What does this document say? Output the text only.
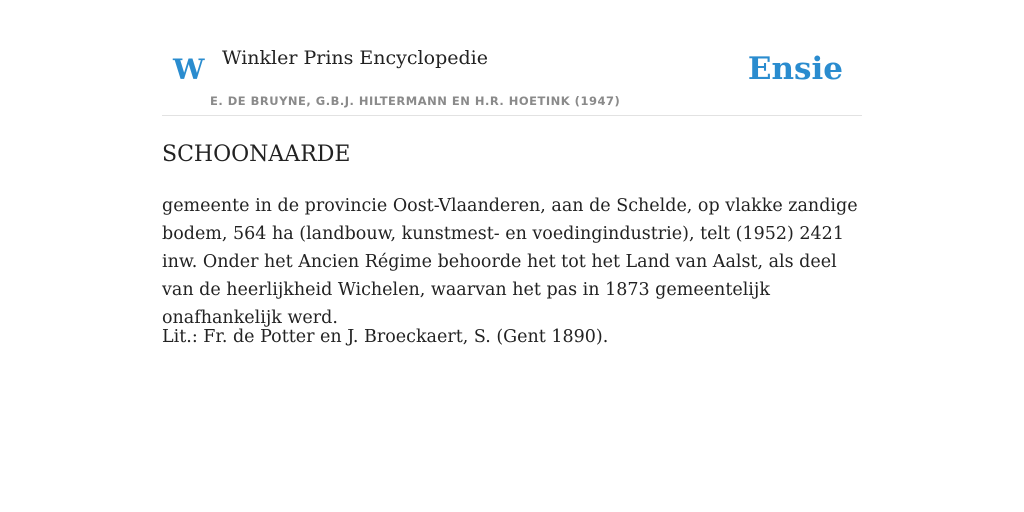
W Winkler Prins Encyclopedie
E. DE BRUYNE, G.B.J. HILTERMANN EN H.R. HOETINK (1947)
Ensie
SCHOONAARDE

gemeente in de provincie Oost-Vlaanderen, aan de Schelde, op vlakke zandige bodem, 564 ha (landbouw, kunstmest- en voedingindustrie), telt (1952) 2421 inw. Onder het Ancien Régime behoorde het tot het Land van Aalst, als deel van de heerlijkheid Wichelen, waarvan het pas in 1873 gemeentelijk onafhankelijk werd.

Lit.: Fr. de Potter en J. Broeckaert, S. (Gent 1890).
